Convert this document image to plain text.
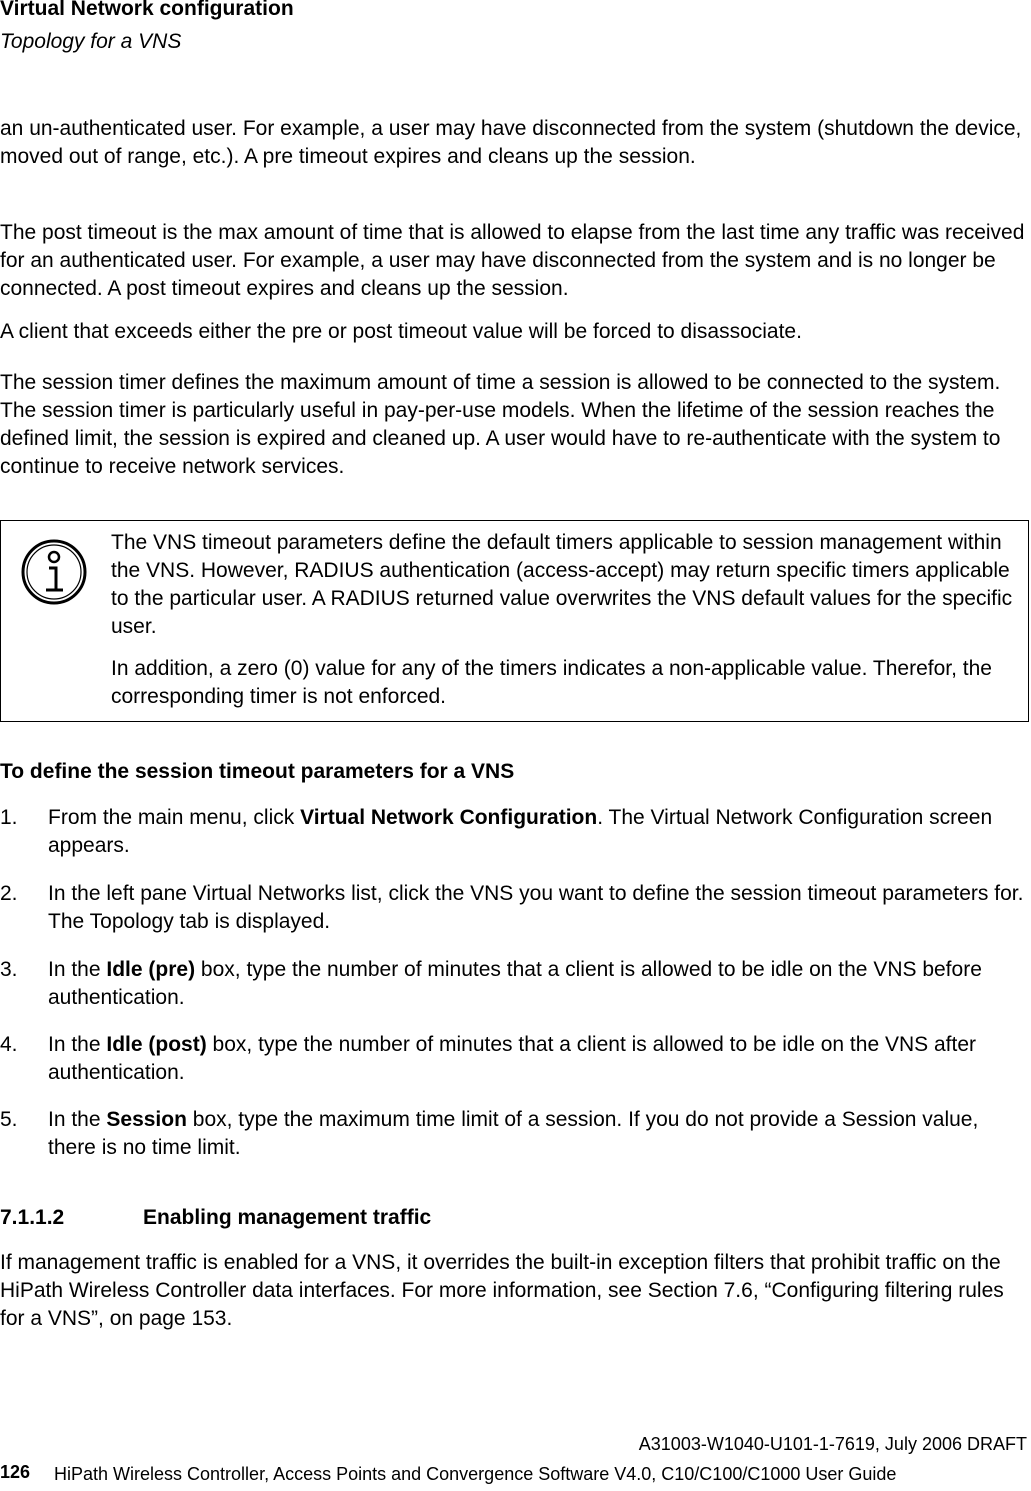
Virtual Network configuration
Topology for a VNS

an un-authenticated user. For example, a user may have disconnected from the system (shutdown the device, moved out of range, etc.). A pre timeout expires and cleans up the session.

The post timeout is the max amount of time that is allowed to elapse from the last time any traffic was received for an authenticated user. For example, a user may have disconnected from the system and is no longer be connected. A post timeout expires and cleans up the session.

A client that exceeds either the pre or post timeout value will be forced to disassociate.

The session timer defines the maximum amount of time a session is allowed to be connected to the system. The session timer is particularly useful in pay-per-use models. When the lifetime of the session reaches the defined limit, the session is expired and cleaned up. A user would have to re-authenticate with the system to continue to receive network services.

The VNS timeout parameters define the default timers applicable to session management within the VNS. However, RADIUS authentication (access-accept) may return specific timers applicable to the particular user. A RADIUS returned value overwrites the VNS default values for the specific user.

In addition, a zero (0) value for any of the timers indicates a non-applicable value. Therefor, the corresponding timer is not enforced.

To define the session timeout parameters for a VNS
1. From the main menu, click Virtual Network Configuration. The Virtual Network Configuration screen appears.
2. In the left pane Virtual Networks list, click the VNS you want to define the session timeout parameters for. The Topology tab is displayed.
3. In the Idle (pre) box, type the number of minutes that a client is allowed to be idle on the VNS before authentication.
4. In the Idle (post) box, type the number of minutes that a client is allowed to be idle on the VNS after authentication.
5. In the Session box, type the maximum time limit of a session. If you do not provide a Session value, there is no time limit.
7.1.1.2	Enabling management traffic

If management traffic is enabled for a VNS, it overrides the built-in exception filters that prohibit traffic on the HiPath Wireless Controller data interfaces. For more information, see Section 7.6, “Configuring filtering rules for a VNS”, on page 153.

A31003-W1040-U101-1-7619, July 2006 DRAFT
126 HiPath Wireless Controller, Access Points and Convergence Software V4.0, C10/C100/C1000 User Guide
